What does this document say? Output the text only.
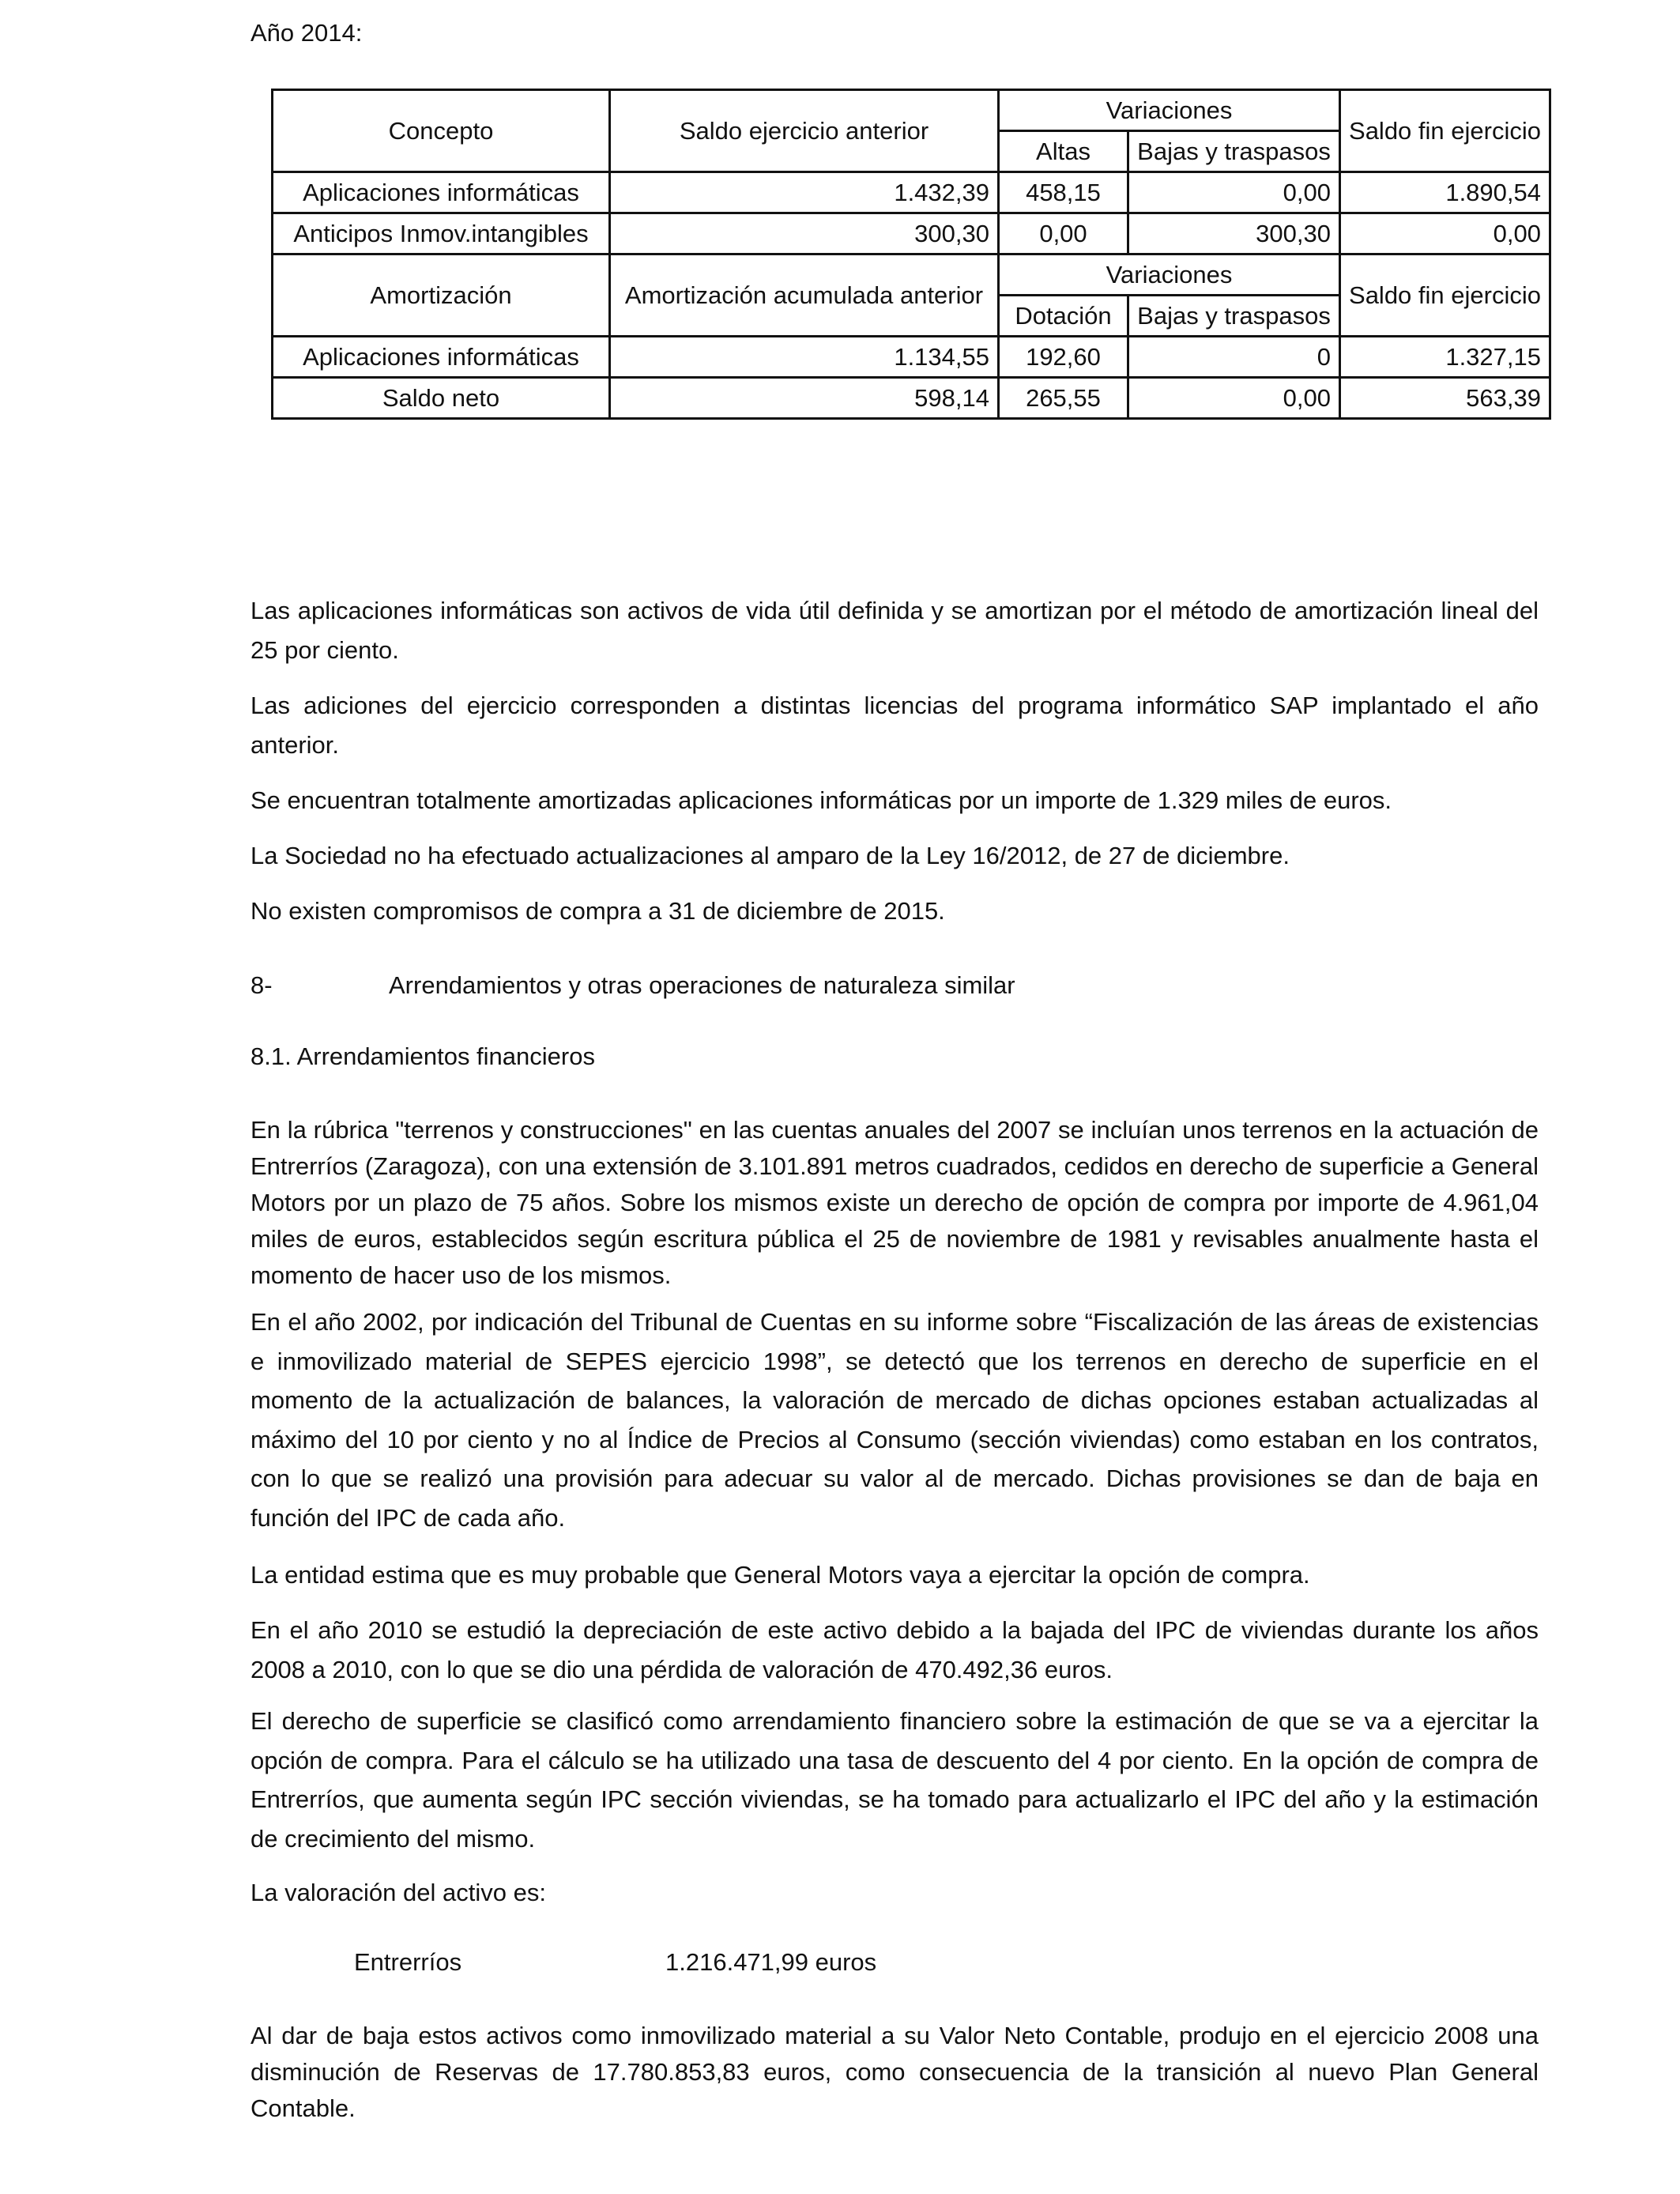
Año 2014:
Concepto	Saldo ejercicio anterior	Variaciones		Saldo fin ejercicio
		Altas	Bajas y traspasos	
Aplicaciones informáticas	1.432,39	458,15	0,00	1.890,54
Anticipos Inmov.intangibles	300,30	0,00	300,30	0,00
Amortización	Amortización acumulada anterior	Variaciones		Saldo fin ejercicio
		Dotación	Bajas y traspasos	
Aplicaciones informáticas	1.134,55	192,60	0	1.327,15
Saldo neto	598,14	265,55	0,00	563,39

Las aplicaciones informáticas son activos de vida útil definida y se amortizan por el método de amortización lineal del 25 por ciento.

Las adiciones del ejercicio corresponden a distintas licencias del programa informático SAP implantado el año anterior.

Se encuentran totalmente amortizadas aplicaciones informáticas por un importe de 1.329 miles de euros.

La Sociedad no ha efectuado actualizaciones al amparo de la Ley 16/2012, de 27 de diciembre.

No existen compromisos de compra a 31 de diciembre de 2015.

8-	Arrendamientos y otras operaciones de naturaleza similar
8.1. Arrendamientos financieros

En la rúbrica "terrenos y construcciones" en las cuentas anuales del 2007 se incluían unos terrenos en la actuación de Entrerríos (Zaragoza), con una extensión de 3.101.891 metros cuadrados, cedidos en derecho de superficie a General Motors por un plazo de 75 años. Sobre los mismos existe un derecho de opción de compra por importe de 4.961,04 miles de euros, establecidos según escritura pública el 25 de noviembre de 1981 y revisables anualmente hasta el momento de hacer uso de los mismos.

En el año 2002, por indicación del Tribunal de Cuentas en su informe sobre “Fiscalización de las áreas de existencias e inmovilizado material de SEPES ejercicio 1998”, se detectó que los terrenos en derecho de superficie en el momento de la actualización de balances, la valoración de mercado de dichas opciones estaban actualizadas al máximo del 10 por ciento y no al Índice de Precios al Consumo (sección viviendas) como estaban en los contratos, con lo que se realizó una provisión para adecuar su valor al de mercado. Dichas provisiones se dan de baja en función del IPC de cada año.

La entidad estima que es muy probable que General Motors vaya a ejercitar la opción de compra.

En el año 2010 se estudió la depreciación de este activo debido a la bajada del IPC de viviendas durante los años 2008 a 2010, con lo que se dio una pérdida de valoración de 470.492,36 euros.

El derecho de superficie se clasificó como arrendamiento financiero sobre la estimación de que se va a ejercitar la opción de compra. Para el cálculo se ha utilizado una tasa de descuento del 4 por ciento. En la opción de compra de Entrerríos, que aumenta según IPC sección viviendas, se ha tomado para actualizarlo el IPC del año y la estimación de crecimiento del mismo.

La valoración del activo es:

Entrerríos	1.216.471,99 euros

Al dar de baja estos activos como inmovilizado material a su Valor Neto Contable, produjo en el ejercicio 2008 una disminución de Reservas de 17.780.853,83 euros, como consecuencia de la transición al nuevo Plan General Contable.
